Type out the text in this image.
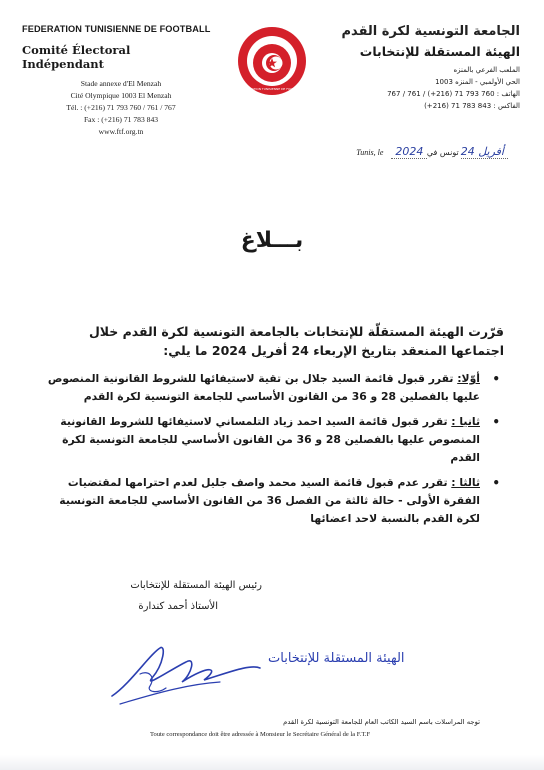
FEDERATION TUNISIENNE DE FOOTBALL
Comité Électoral Indépendant
Stade annexe d'El Menzah
Cité Olympique 1003 El Menzah
Tél. : (+216) 71 793 760 / 761 / 767
Fax : (+216) 71 783 843
www.ftf.org.tn
تونس
FÉDÉRATION TUNISIENNE DE FOOTBALL
الجامعة التونسية لكرة القدم
الهيئة المستقلة للإنتخابات
الملعب الفرعي بالمنزه
الحي الأولمبي - المنزه 1003
الهاتف : 760 793 71 (216+) / 761 / 767
الفاكس : 843 783 71 (216+)
Tunis, le 2024 أفريل 24 تونس في
بـــلاغ
قرّرت الهيئة المستقلّة للإنتخابات بالجامعة التونسية لكرة القدم خلال اجتماعها المنعقد بتاريخ الإربعاء 24 أفريل 2024 ما يلي:
• أوّلا: تقرر قبول قائمة السيد جلال بن تقية لاستيفائها للشروط القانونية المنصوص عليها بالفصلين 28 و 36 من القانون الأساسي للجامعة التونسية لكرة القدم
• ثانيا : تقرر قبول قائمة السيد احمد زياد التلمساني لاستيفائها للشروط القانونية المنصوص عليها بالفصلين 28 و 36 من القانون الأساسي للجامعة التونسية لكرة القدم
• ثالثا : تقرر عدم قبول قائمة السيد محمد واصف جليل لعدم احترامها لمقتضيات الفقرة الأولى - حالة ثالثة من الفصل 36 من القانون الأساسي للجامعة التونسية لكرة القدم بالنسبة لاحد اعضائها
رئيس الهيئة المستقلة للإنتخابات
الأستاذ أحمد كندارة
الهيئة المستقلة للإنتخابات
توجه المراسلات باسم السيد الكاتب العام للجامعة التونسية لكرة القدم
Toute correspondance doit être adressée à Monsieur le Secrétaire Général de la F.T.F
